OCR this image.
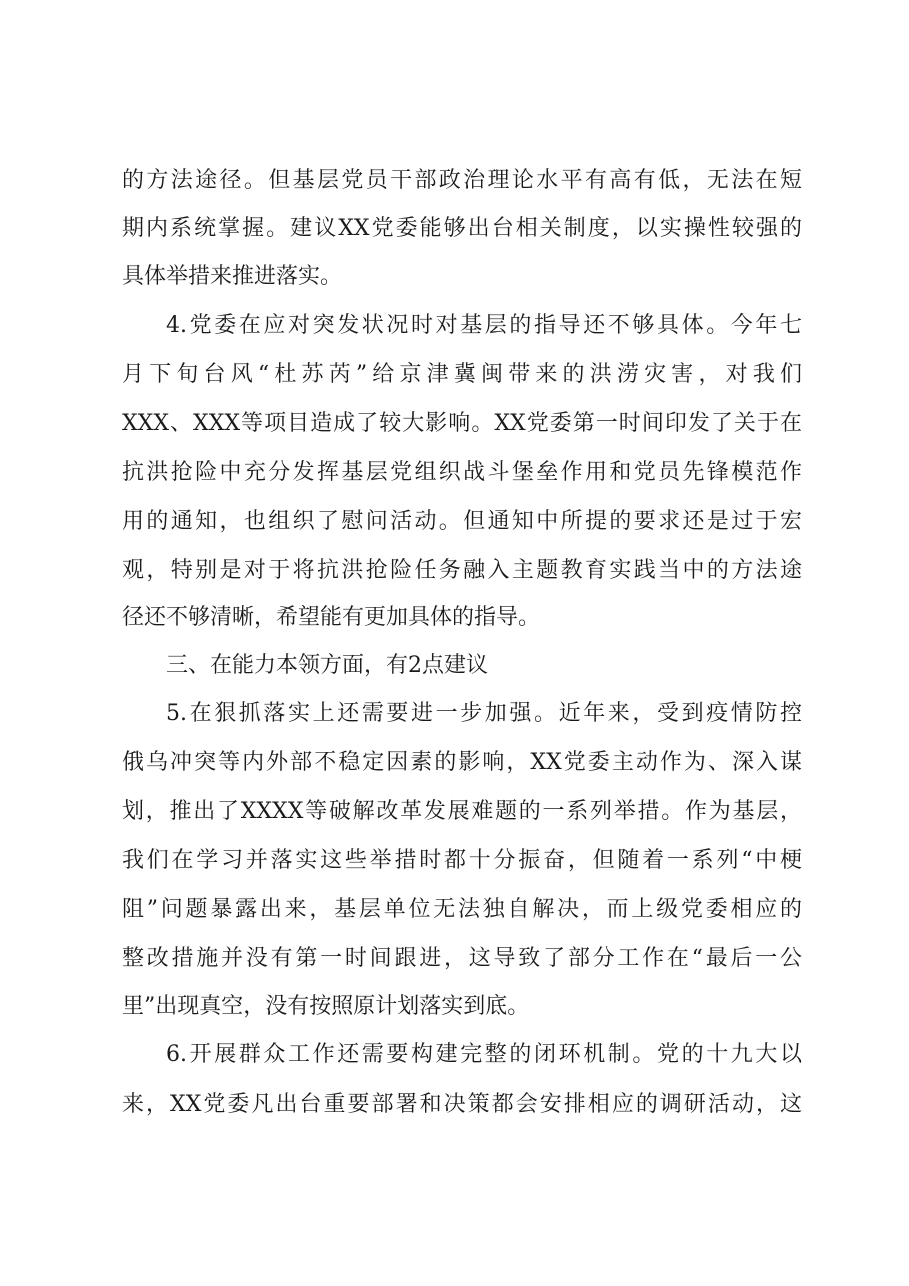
的方法途径。但基层党员干部政治理论水平有高有低，无法在短
期内系统掌握。建议XX党委能够出台相关制度，以实操性较强的
具体举措来推进落实。
4.党委在应对突发状况时对基层的指导还不够具体。今年七
月下旬台风“杜苏芮”给京津冀闽带来的洪涝灾害，对我们
XXX、XXX等项目造成了较大影响。XX党委第一时间印发了关于在
抗洪抢险中充分发挥基层党组织战斗堡垒作用和党员先锋模范作
用的通知，也组织了慰问活动。但通知中所提的要求还是过于宏
观，特别是对于将抗洪抢险任务融入主题教育实践当中的方法途
径还不够清晰，希望能有更加具体的指导。
三、在能力本领方面，有2点建议
5.在狠抓落实上还需要进一步加强。近年来，受到疫情防控
俄乌冲突等内外部不稳定因素的影响，XX党委主动作为、深入谋
划，推出了XXXX等破解改革发展难题的一系列举措。作为基层，
我们在学习并落实这些举措时都十分振奋，但随着一系列“中梗
阻”问题暴露出来，基层单位无法独自解决，而上级党委相应的
整改措施并没有第一时间跟进，这导致了部分工作在“最后一公
里”出现真空，没有按照原计划落实到底。
6.开展群众工作还需要构建完整的闭环机制。党的十九大以
来，XX党委凡出台重要部署和决策都会安排相应的调研活动，这
